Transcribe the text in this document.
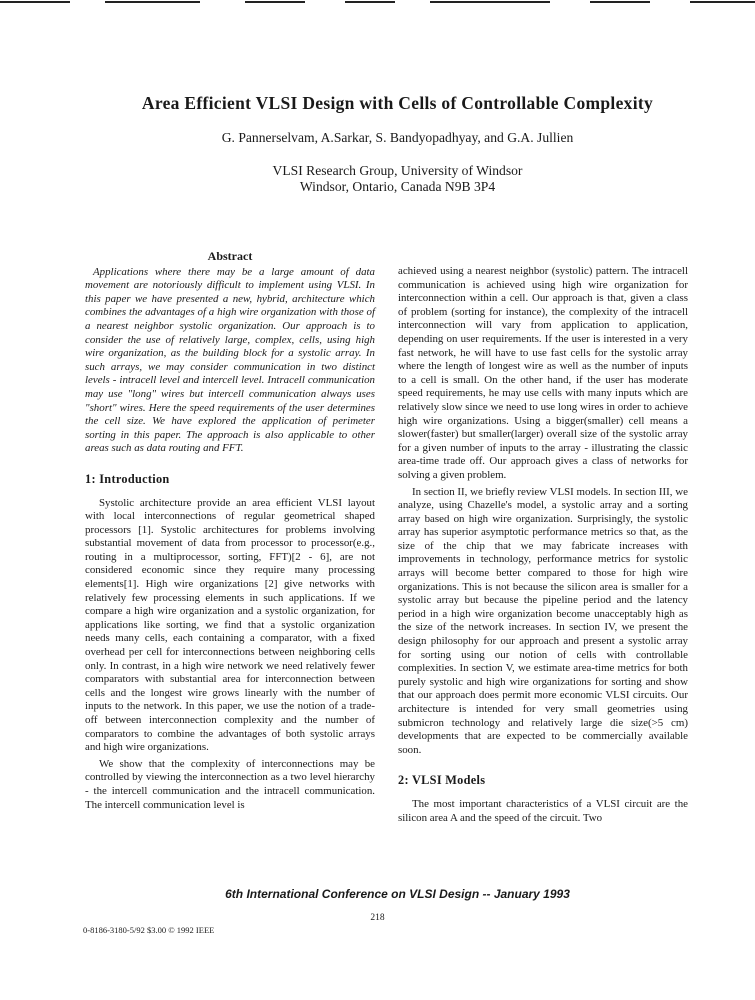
Area Efficient VLSI Design with Cells of Controllable Complexity
G. Pannerselvam, A.Sarkar, S. Bandyopadhyay, and G.A. Jullien
VLSI Research Group, University of Windsor
Windsor, Ontario, Canada N9B 3P4
Abstract

Applications where there may be a large amount of data movement are notoriously difficult to implement using VLSI. In this paper we have presented a new, hybrid, architecture which combines the advantages of a high wire organization with those of a nearest neighbor systolic organization. Our approach is to consider the use of relatively large, complex, cells, using high wire organization, as the building block for a systolic array. In such arrays, we may consider communication in two distinct levels - intracell level and intercell level. Intracell communication may use "long" wires but intercell communication always uses "short" wires. Here the speed requirements of the user determines the cell size. We have explored the application of perimeter sorting in this paper. The approach is also applicable to other areas such as data routing and FFT.

1: Introduction

Systolic architecture provide an area efficient VLSI layout with local interconnections of regular geometrical shaped processors [1]. Systolic architectures for problems involving substantial movement of data from processor to processor(e.g., routing in a multiprocessor, sorting, FFT)[2 - 6], are not considered economic since they require many processing elements[1]. High wire organizations [2] give networks with relatively few processing elements in such applications. If we compare a high wire organization and a systolic organization, for applications like sorting, we find that a systolic organization needs many cells, each containing a comparator, with a fixed overhead per cell for interconnections between neighboring cells only. In contrast, in a high wire network we need relatively fewer comparators with substantial area for interconnection between cells and the longest wire grows linearly with the number of inputs to the network. In this paper, we use the notion of a trade-off between interconnection complexity and the number of comparators to combine the advantages of both systolic arrays and high wire organizations.

We show that the complexity of interconnections may be controlled by viewing the interconnection as a two level hierarchy - the intercell communication and the intracell communication. The intercell communication level is

achieved using a nearest neighbor (systolic) pattern. The intracell communication is achieved using high wire organization for interconnection within a cell. Our approach is that, given a class of problem (sorting for instance), the complexity of the intracell interconnection will vary from application to application, depending on user requirements. If the user is interested in a very fast network, he will have to use fast cells for the systolic array where the length of longest wire as well as the number of inputs to a cell is small. On the other hand, if the user has moderate speed requirements, he may use cells with many inputs which are relatively slow since we need to use long wires in order to achieve high wire organizations. Using a bigger(smaller) cell means a slower(faster) but smaller(larger) overall size of the systolic array for a given number of inputs to the array - illustrating the classic area-time trade off. Our approach gives a class of networks for solving a given problem.

In section II, we briefly review VLSI models. In section III, we analyze, using Chazelle's model, a systolic array and a sorting array based on high wire organization. Surprisingly, the systolic array has superior asymptotic performance metrics so that, as the size of the chip that we may fabricate increases with improvements in technology, performance metrics for systolic arrays will become better compared to those for high wire organizations. This is not because the silicon area is smaller for a systolic array but because the pipeline period and the latency period in a high wire organization become unacceptably high as the size of the network increases. In section IV, we present the design philosophy for our approach and present a systolic array for sorting using our notion of cells with controllable complexities. In section V, we estimate area-time metrics for both purely systolic and high wire organizations for sorting and show that our approach does permit more economic VLSI circuits. Our architecture is intended for very small geometries using submicron technology and relatively large die size(>5 cm) developments that are expected to be commercially available soon.

2: VLSI Models

The most important characteristics of a VLSI circuit are the silicon area A and the speed of the circuit. Two

6th International Conference on VLSI Design -- January 1993
218
0-8186-3180-5/92 $3.00 © 1992 IEEE
